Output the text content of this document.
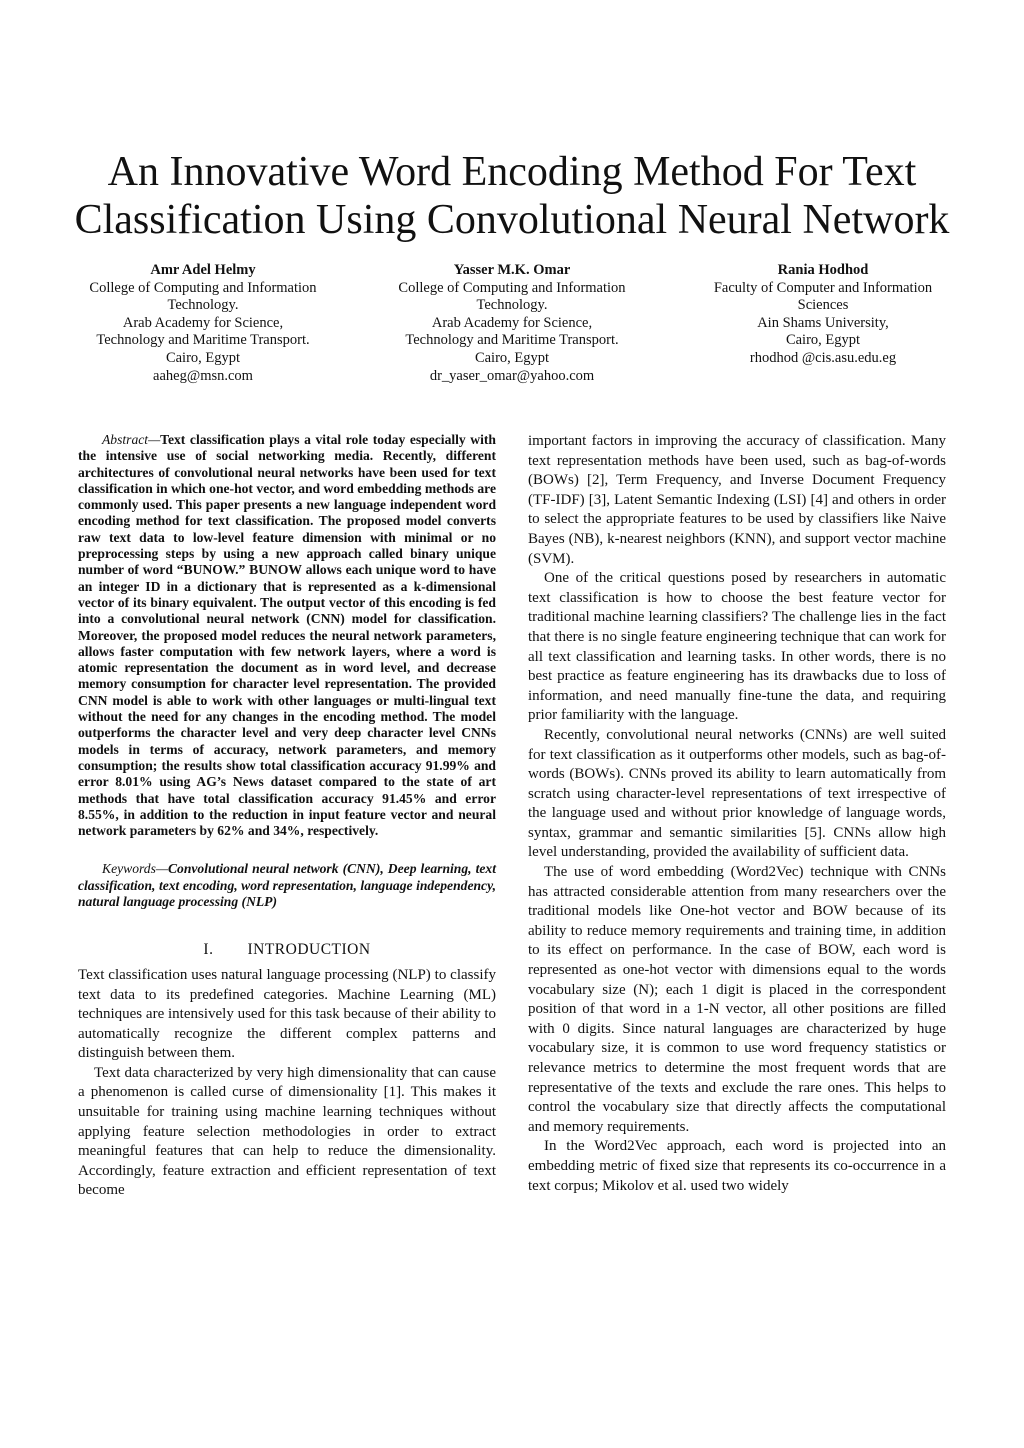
An Innovative Word Encoding Method For Text
Classification Using Convolutional Neural Network
Amr Adel Helmy
College of Computing and Information
Technology.
Arab Academy for Science,
Technology and Maritime Transport.
Cairo, Egypt
aaheg@msn.com
Yasser M.K. Omar
College of Computing and Information
Technology.
Arab Academy for Science,
Technology and Maritime Transport.
Cairo, Egypt
dr_yaser_omar@yahoo.com
Rania Hodhod
Faculty of Computer and Information
Sciences
Ain Shams University,
Cairo, Egypt
rhodhod @cis.asu.edu.eg

Abstract—Text classification plays a vital role today especially with the intensive use of social networking media. Recently, different architectures of convolutional neural networks have been used for text classification in which one-hot vector, and word embedding methods are commonly used. This paper presents a new language independent word encoding method for text classification. The proposed model converts raw text data to low-level feature dimension with minimal or no preprocessing steps by using a new approach called binary unique number of word “BUNOW.” BUNOW allows each unique word to have an integer ID in a dictionary that is represented as a k-dimensional vector of its binary equivalent. The output vector of this encoding is fed into a convolutional neural network (CNN) model for classification. Moreover, the proposed model reduces the neural network parameters, allows faster computation with few network layers, where a word is atomic representation the document as in word level, and decrease memory consumption for character level representation. The provided CNN model is able to work with other languages or multi-lingual text without the need for any changes in the encoding method. The model outperforms the character level and very deep character level CNNs models in terms of accuracy, network parameters, and memory consumption; the results show total classification accuracy 91.99% and error 8.01% using AG’s News dataset compared to the state of art methods that have total classification accuracy 91.45% and error 8.55%, in addition to the reduction in input feature vector and neural network parameters by 62% and 34%, respectively.

Keywords—Convolutional neural network (CNN), Deep learning, text classification, text encoding, word representation, language independency, natural language processing (NLP)

I. INTRODUCTION

Text classification uses natural language processing (NLP) to classify text data to its predefined categories. Machine Learning (ML) techniques are intensively used for this task because of their ability to automatically recognize the different complex patterns and distinguish between them.

Text data characterized by very high dimensionality that can cause a phenomenon is called curse of dimensionality [1]. This makes it unsuitable for training using machine learning techniques without applying feature selection methodologies in order to extract meaningful features that can help to reduce the dimensionality. Accordingly, feature extraction and efficient representation of text become

important factors in improving the accuracy of classification. Many text representation methods have been used, such as bag-of-words (BOWs) [2], Term Frequency, and Inverse Document Frequency (TF-IDF) [3], Latent Semantic Indexing (LSI) [4] and others in order to select the appropriate features to be used by classifiers like Naive Bayes (NB), k-nearest neighbors (KNN), and support vector machine (SVM).

One of the critical questions posed by researchers in automatic text classification is how to choose the best feature vector for traditional machine learning classifiers? The challenge lies in the fact that there is no single feature engineering technique that can work for all text classification and learning tasks. In other words, there is no best practice as feature engineering has its drawbacks due to loss of information, and need manually fine-tune the data, and requiring prior familiarity with the language.

Recently, convolutional neural networks (CNNs) are well suited for text classification as it outperforms other models, such as bag-of-words (BOWs). CNNs proved its ability to learn automatically from scratch using character-level representations of text irrespective of the language used and without prior knowledge of language words, syntax, grammar and semantic similarities [5]. CNNs allow high level understanding, provided the availability of sufficient data.

The use of word embedding (Word2Vec) technique with CNNs has attracted considerable attention from many researchers over the traditional models like One-hot vector and BOW because of its ability to reduce memory requirements and training time, in addition to its effect on performance. In the case of BOW, each word is represented as one-hot vector with dimensions equal to the words vocabulary size (N); each 1 digit is placed in the correspondent position of that word in a 1-N vector, all other positions are filled with 0 digits. Since natural languages are characterized by huge vocabulary size, it is common to use word frequency statistics or relevance metrics to determine the most frequent words that are representative of the texts and exclude the rare ones. This helps to control the vocabulary size that directly affects the computational and memory requirements.

In the Word2Vec approach, each word is projected into an embedding metric of fixed size that represents its co-occurrence in a text corpus; Mikolov et al. used two widely
